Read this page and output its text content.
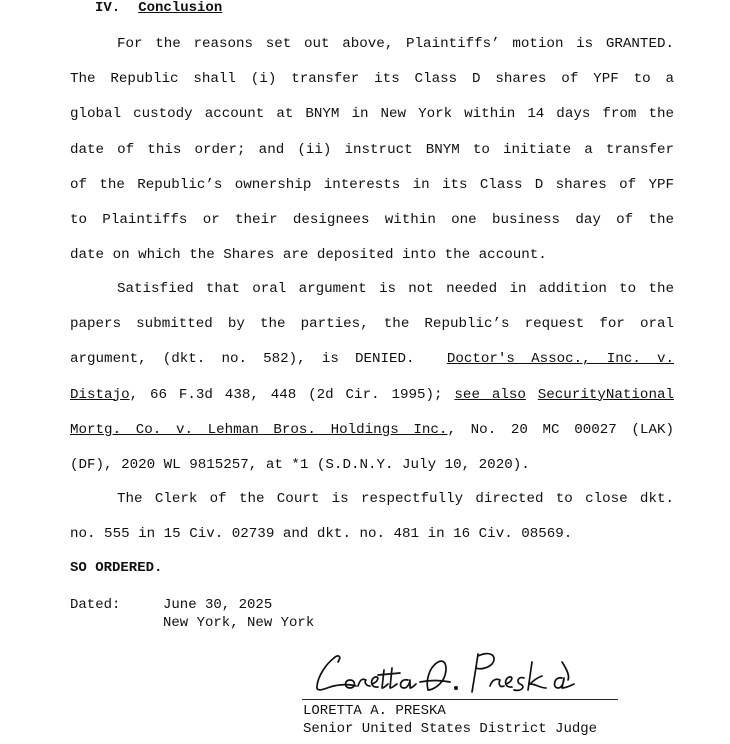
IV. Conclusion
For the reasons set out above, Plaintiffs’ motion is GRANTED.
The Republic shall (i) transfer its Class D shares of YPF to a
global custody account at BNYM in New York within 14 days from the
date of this order; and (ii) instruct BNYM to initiate a transfer
of the Republic’s ownership interests in its Class D shares of YPF
to Plaintiffs or their designees within one business day of the
date on which the Shares are deposited into the account.
Satisfied that oral argument is not needed in addition to the
papers submitted by the parties, the Republic’s request for oral
argument, (dkt. no. 582), is DENIED. Doctor's Assoc., Inc. v.
Distajo, 66 F.3d 438, 448 (2d Cir. 1995); see also SecurityNational
Mortg. Co. v. Lehman Bros. Holdings Inc., No. 20 MC 00027 (LAK)
(DF), 2020 WL 9815257, at *1 (S.D.N.Y. July 10, 2020).
The Clerk of the Court is respectfully directed to close dkt.
no. 555 in 15 Civ. 02739 and dkt. no. 481 in 16 Civ. 08569.
SO ORDERED.
Dated:	June 30, 2025
New York, New York
Loretta A. Preska
LORETTA A. PRESKA
Senior United States District Judge
